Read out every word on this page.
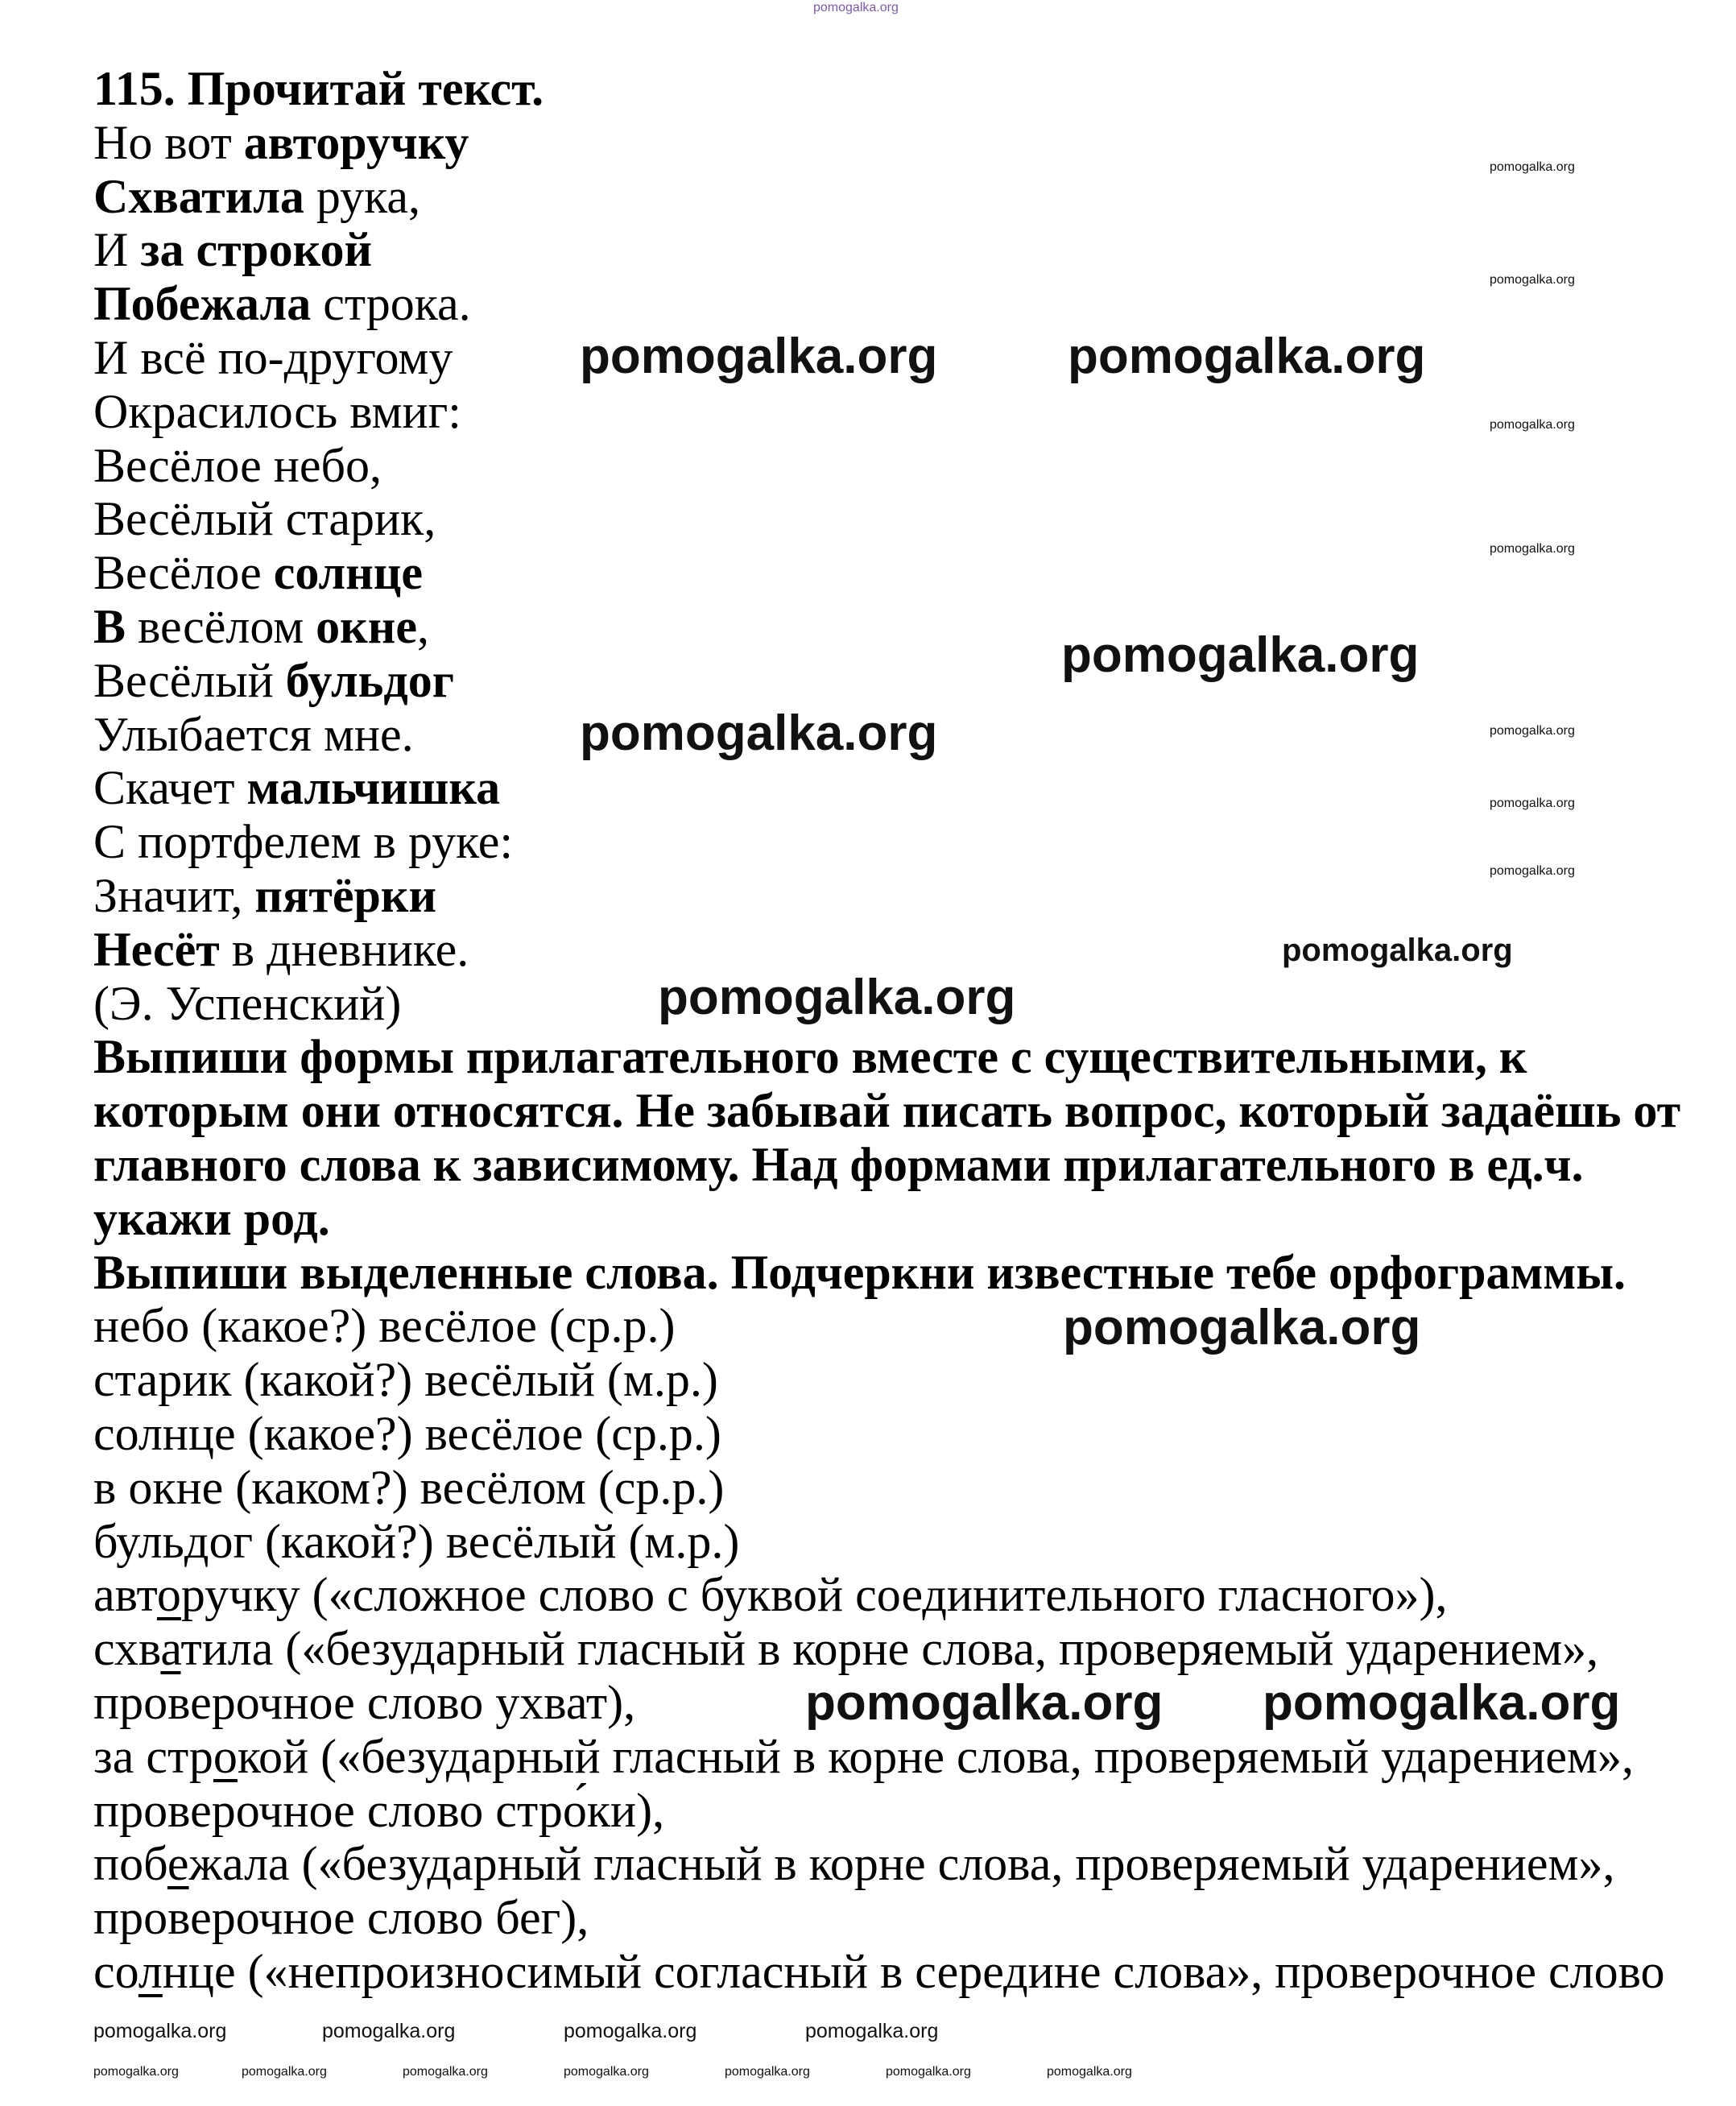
115. Прочитай текст.
Но вот авторучку
Схватила рука,
И за строкой
Побежала строка.
И всё по-другому
Окрасилось вмиг:
Весёлое небо,
Весёлый старик,
Весёлое солнце
В весёлом окне,
Весёлый бульдог
Улыбается мне.
Скачет мальчишка
С портфелем в руке:
Значит, пятёрки
Несёт в дневнике.
(Э. Успенский)
Выпиши формы прилагательного вместе с существительными, к
которым они относятся. Не забывай писать вопрос, который задаёшь от
главного слова к зависимому. Над формами прилагательного в ед.ч.
укажи род.
Выпиши выделенные слова. Подчеркни известные тебе орфограммы.
небо (какое?) весёлое (ср.р.)
старик (какой?) весёлый (м.р.)
солнце (какое?) весёлое (ср.р.)
в окне (каком?) весёлом (ср.р.)
бульдог (какой?) весёлый (м.р.)
авторучку («сложное слово с буквой соединительного гласного»),
схватила («безударный гласный в корне слова, проверяемый ударением»,
проверочное слово ухват),
за строкой («безударный гласный в корне слова, проверяемый ударением»,
проверочное слово стро́ки),
побежала («безударный гласный в корне слова, проверяемый ударением»,
проверочное слово бег),
солнце («непроизносимый согласный в середине слова», проверочное слово
pomogalka.org
pomogalka.org	pomogalka.org
pomogalka.org
pomogalka.org
pomogalka.org
pomogalka.org
pomogalka.org
pomogalka.org pomogalka.org
pomogalka.org
pomogalka.org
pomogalka.org
pomogalka.org
pomogalka.org
pomogalka.org
pomogalka.org
pomogalka.org	pomogalka.org
pomogalka.org	pomogalka.org	pomogalka.org	pomogalka.org
pomogalka.org	pomogalka.org
pomogalka.org	pomogalka.org	pomogalka.org
